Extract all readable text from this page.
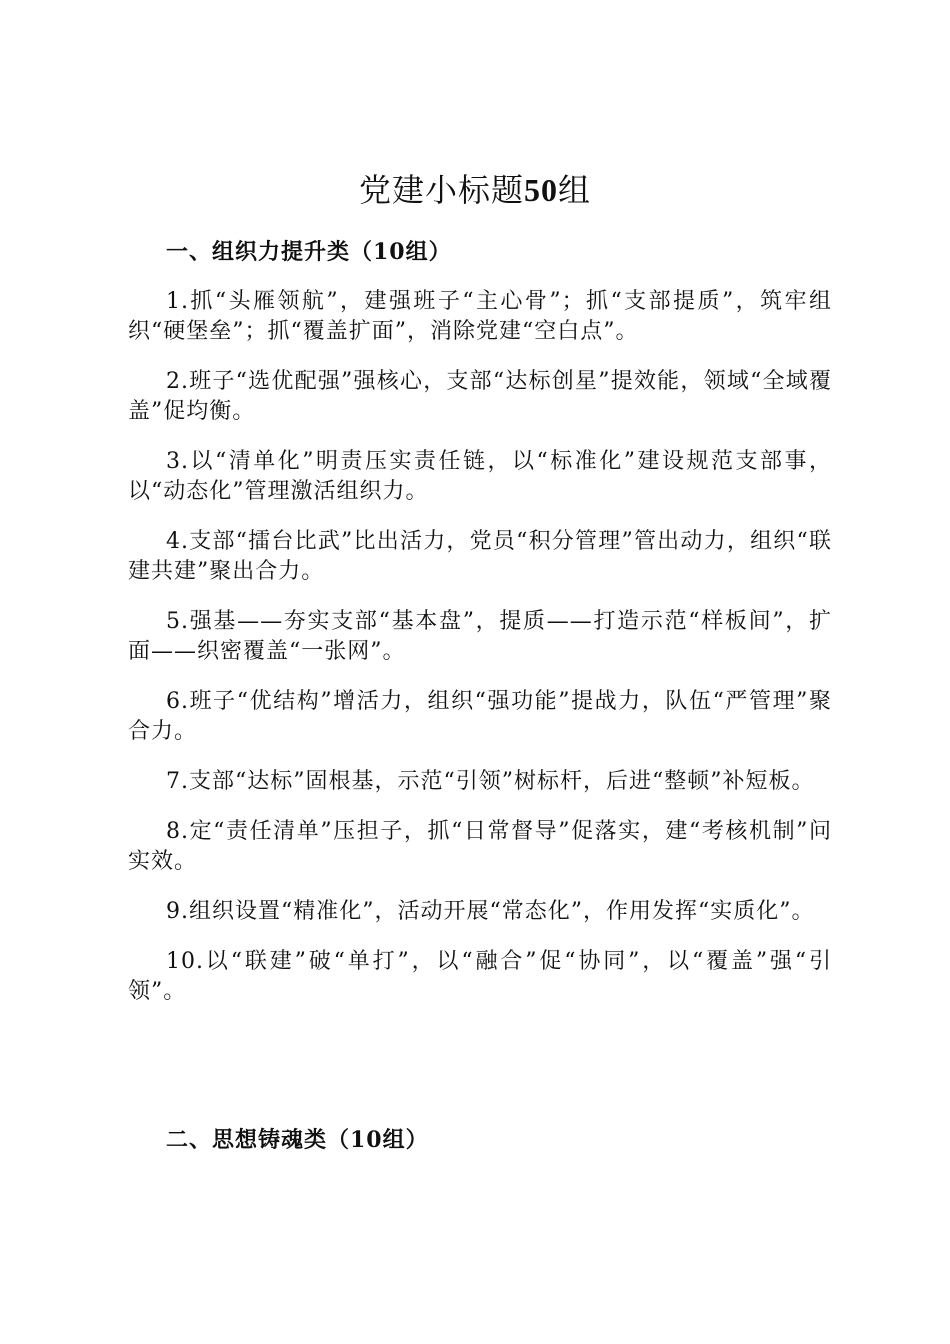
党建小标题50组
一、组织力提升类（10组）

1.抓“头雁领航”，建强班子“主心骨”；抓“支部提质”，筑牢组织“硬堡垒”；抓“覆盖扩面”，消除党建“空白点”。

2.班子“选优配强”强核心，支部“达标创星”提效能，领域“全域覆盖”促均衡。

3.以“清单化”明责压实责任链，以“标准化”建设规范支部事，以“动态化”管理激活组织力。

4.支部“擂台比武”比出活力，党员“积分管理”管出动力，组织“联建共建”聚出合力。

5.强基——夯实支部“基本盘”，提质——打造示范“样板间”，扩面——织密覆盖“一张网”。

6.班子“优结构”增活力，组织“强功能”提战力，队伍“严管理”聚合力。

7.支部“达标”固根基，示范“引领”树标杆，后进“整顿”补短板。

8.定“责任清单”压担子，抓“日常督导”促落实，建“考核机制”问实效。

9.组织设置“精准化”，活动开展“常态化”，作用发挥“实质化”。

10.以“联建”破“单打”，以“融合”促“协同”，以“覆盖”强“引领”。

二、思想铸魂类（10组）
